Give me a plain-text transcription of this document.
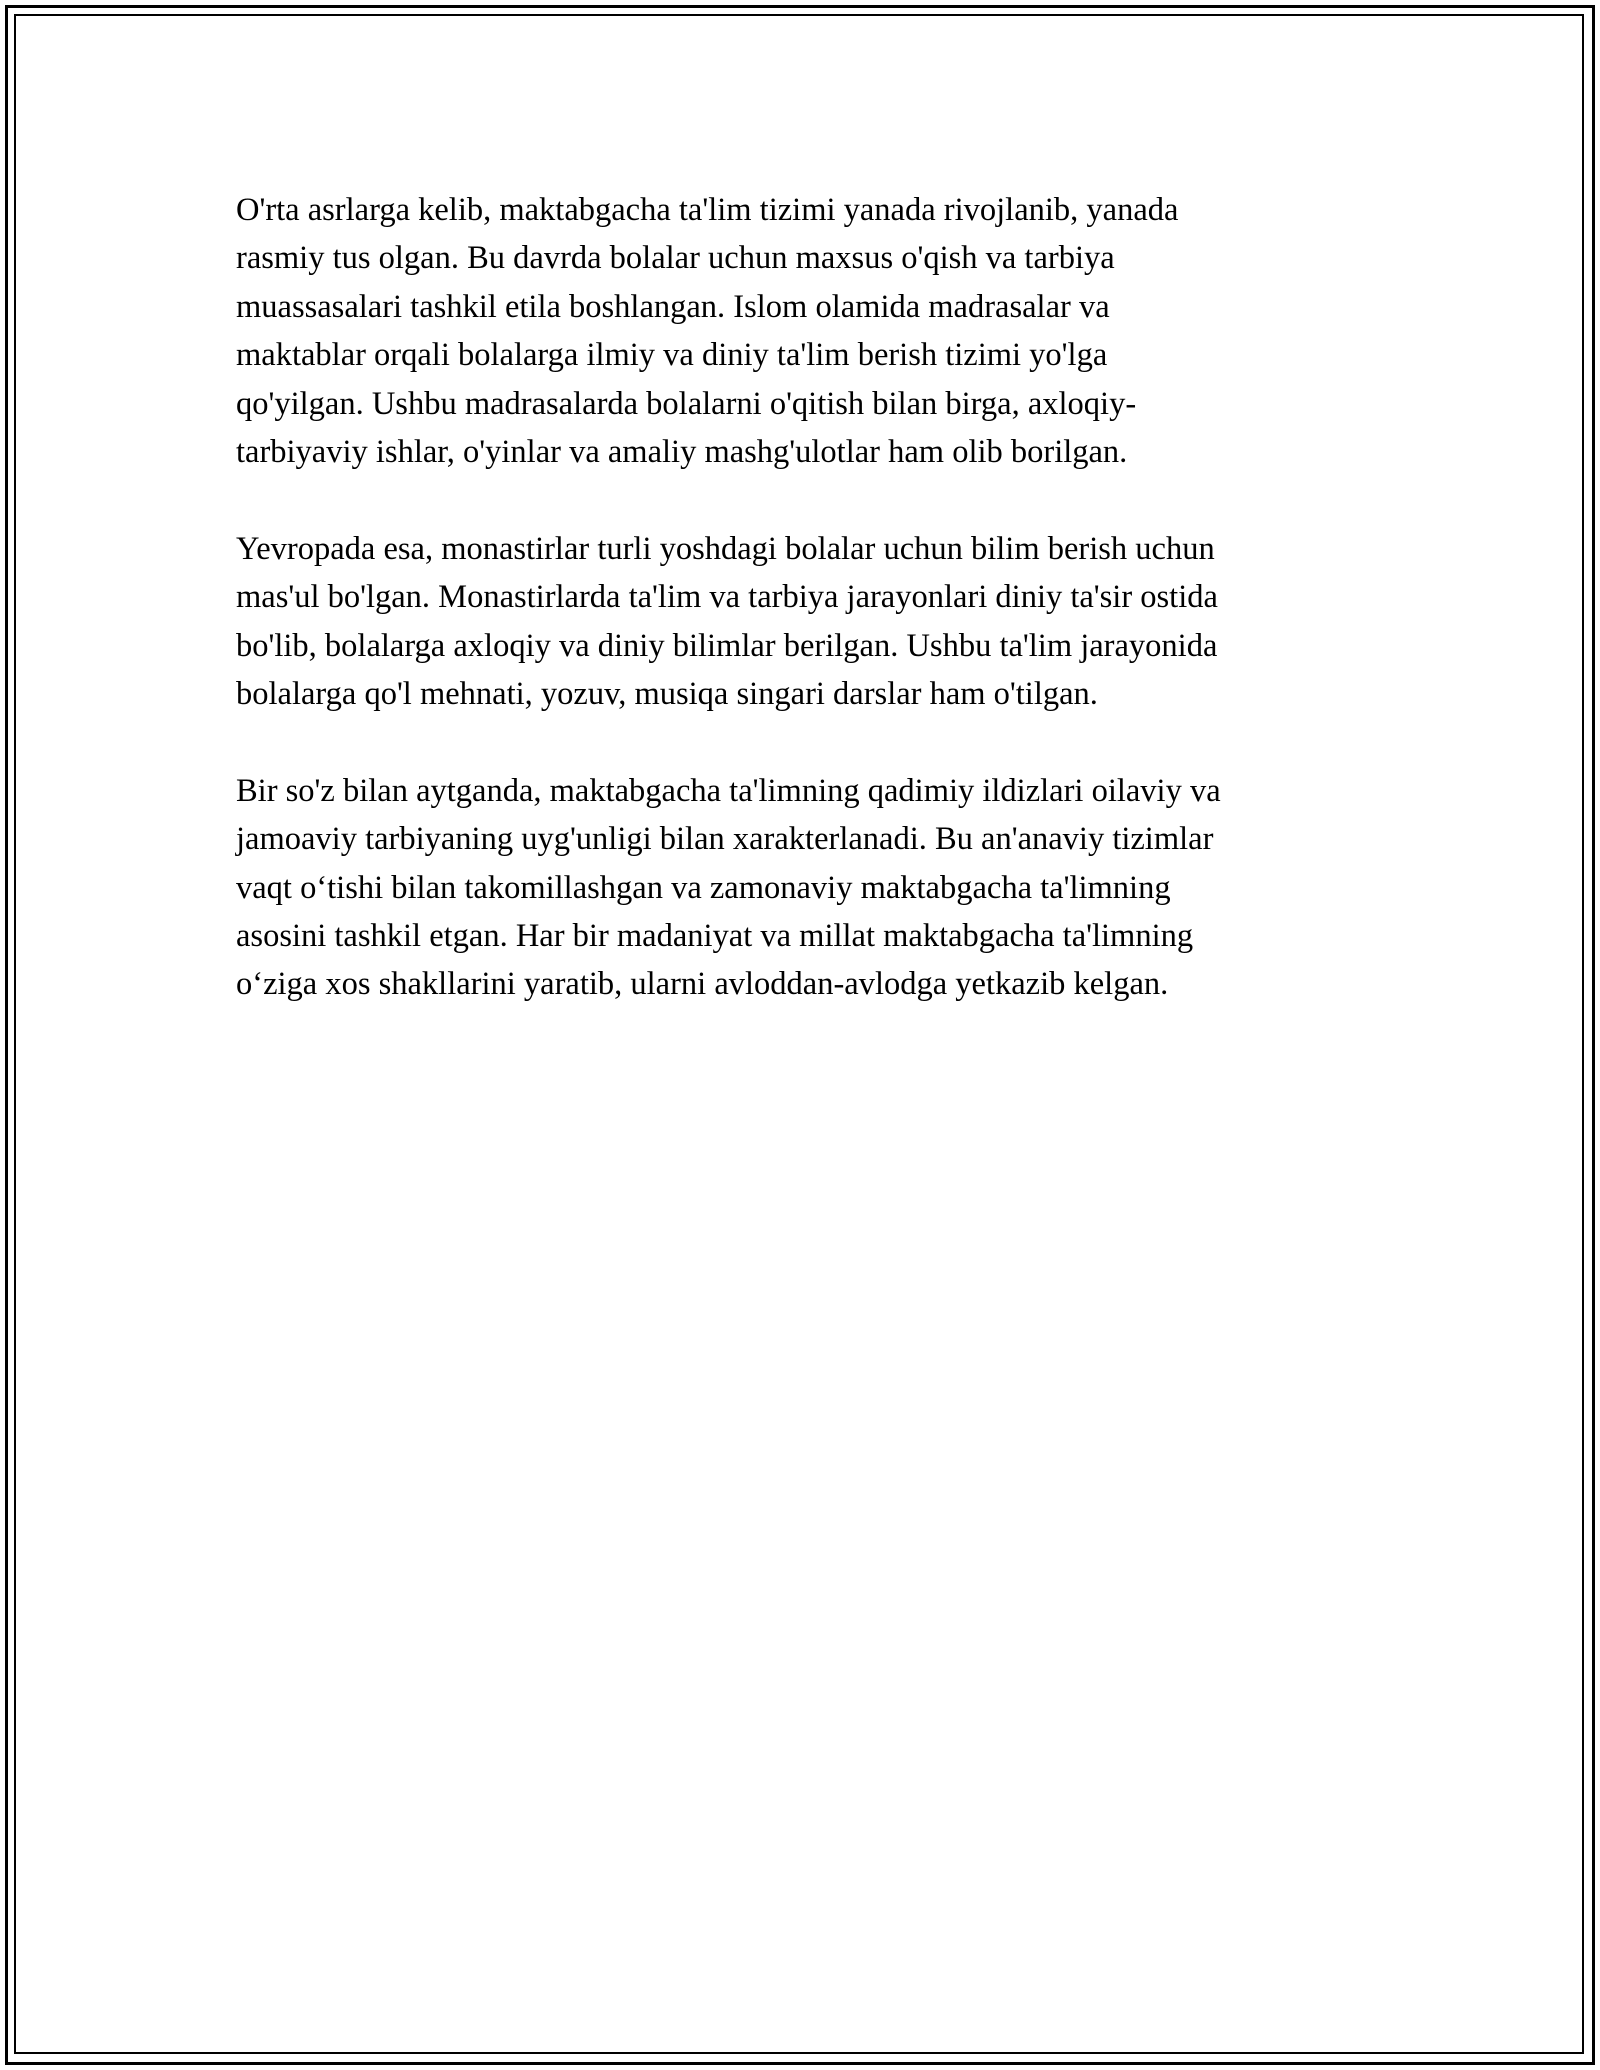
O'rta asrlarga kelib, maktabgacha ta'lim tizimi yanada rivojlanib, yanada
rasmiy tus olgan. Bu davrda bolalar uchun maxsus o'qish va tarbiya
muassasalari tashkil etila boshlangan. Islom olamida madrasalar va
maktablar orqali bolalarga ilmiy va diniy ta'lim berish tizimi yo'lga
qo'yilgan. Ushbu madrasalarda bolalarni o'qitish bilan birga, axloqiy-
tarbiyaviy ishlar, o'yinlar va amaliy mashg'ulotlar ham olib borilgan.

Yevropada esa, monastirlar turli yoshdagi bolalar uchun bilim berish uchun
mas'ul bo'lgan. Monastirlarda ta'lim va tarbiya jarayonlari diniy ta'sir ostida
bo'lib, bolalarga axloqiy va diniy bilimlar berilgan. Ushbu ta'lim jarayonida
bolalarga qo'l mehnati, yozuv, musiqa singari darslar ham o'tilgan.

Bir so'z bilan aytganda, maktabgacha ta'limning qadimiy ildizlari oilaviy va
jamoaviy tarbiyaning uyg'unligi bilan xarakterlanadi. Bu an'anaviy tizimlar
vaqt o‘tishi bilan takomillashgan va zamonaviy maktabgacha ta'limning
asosini tashkil etgan. Har bir madaniyat va millat maktabgacha ta'limning
o‘ziga xos shakllarini yaratib, ularni avloddan-avlodga yetkazib kelgan.
